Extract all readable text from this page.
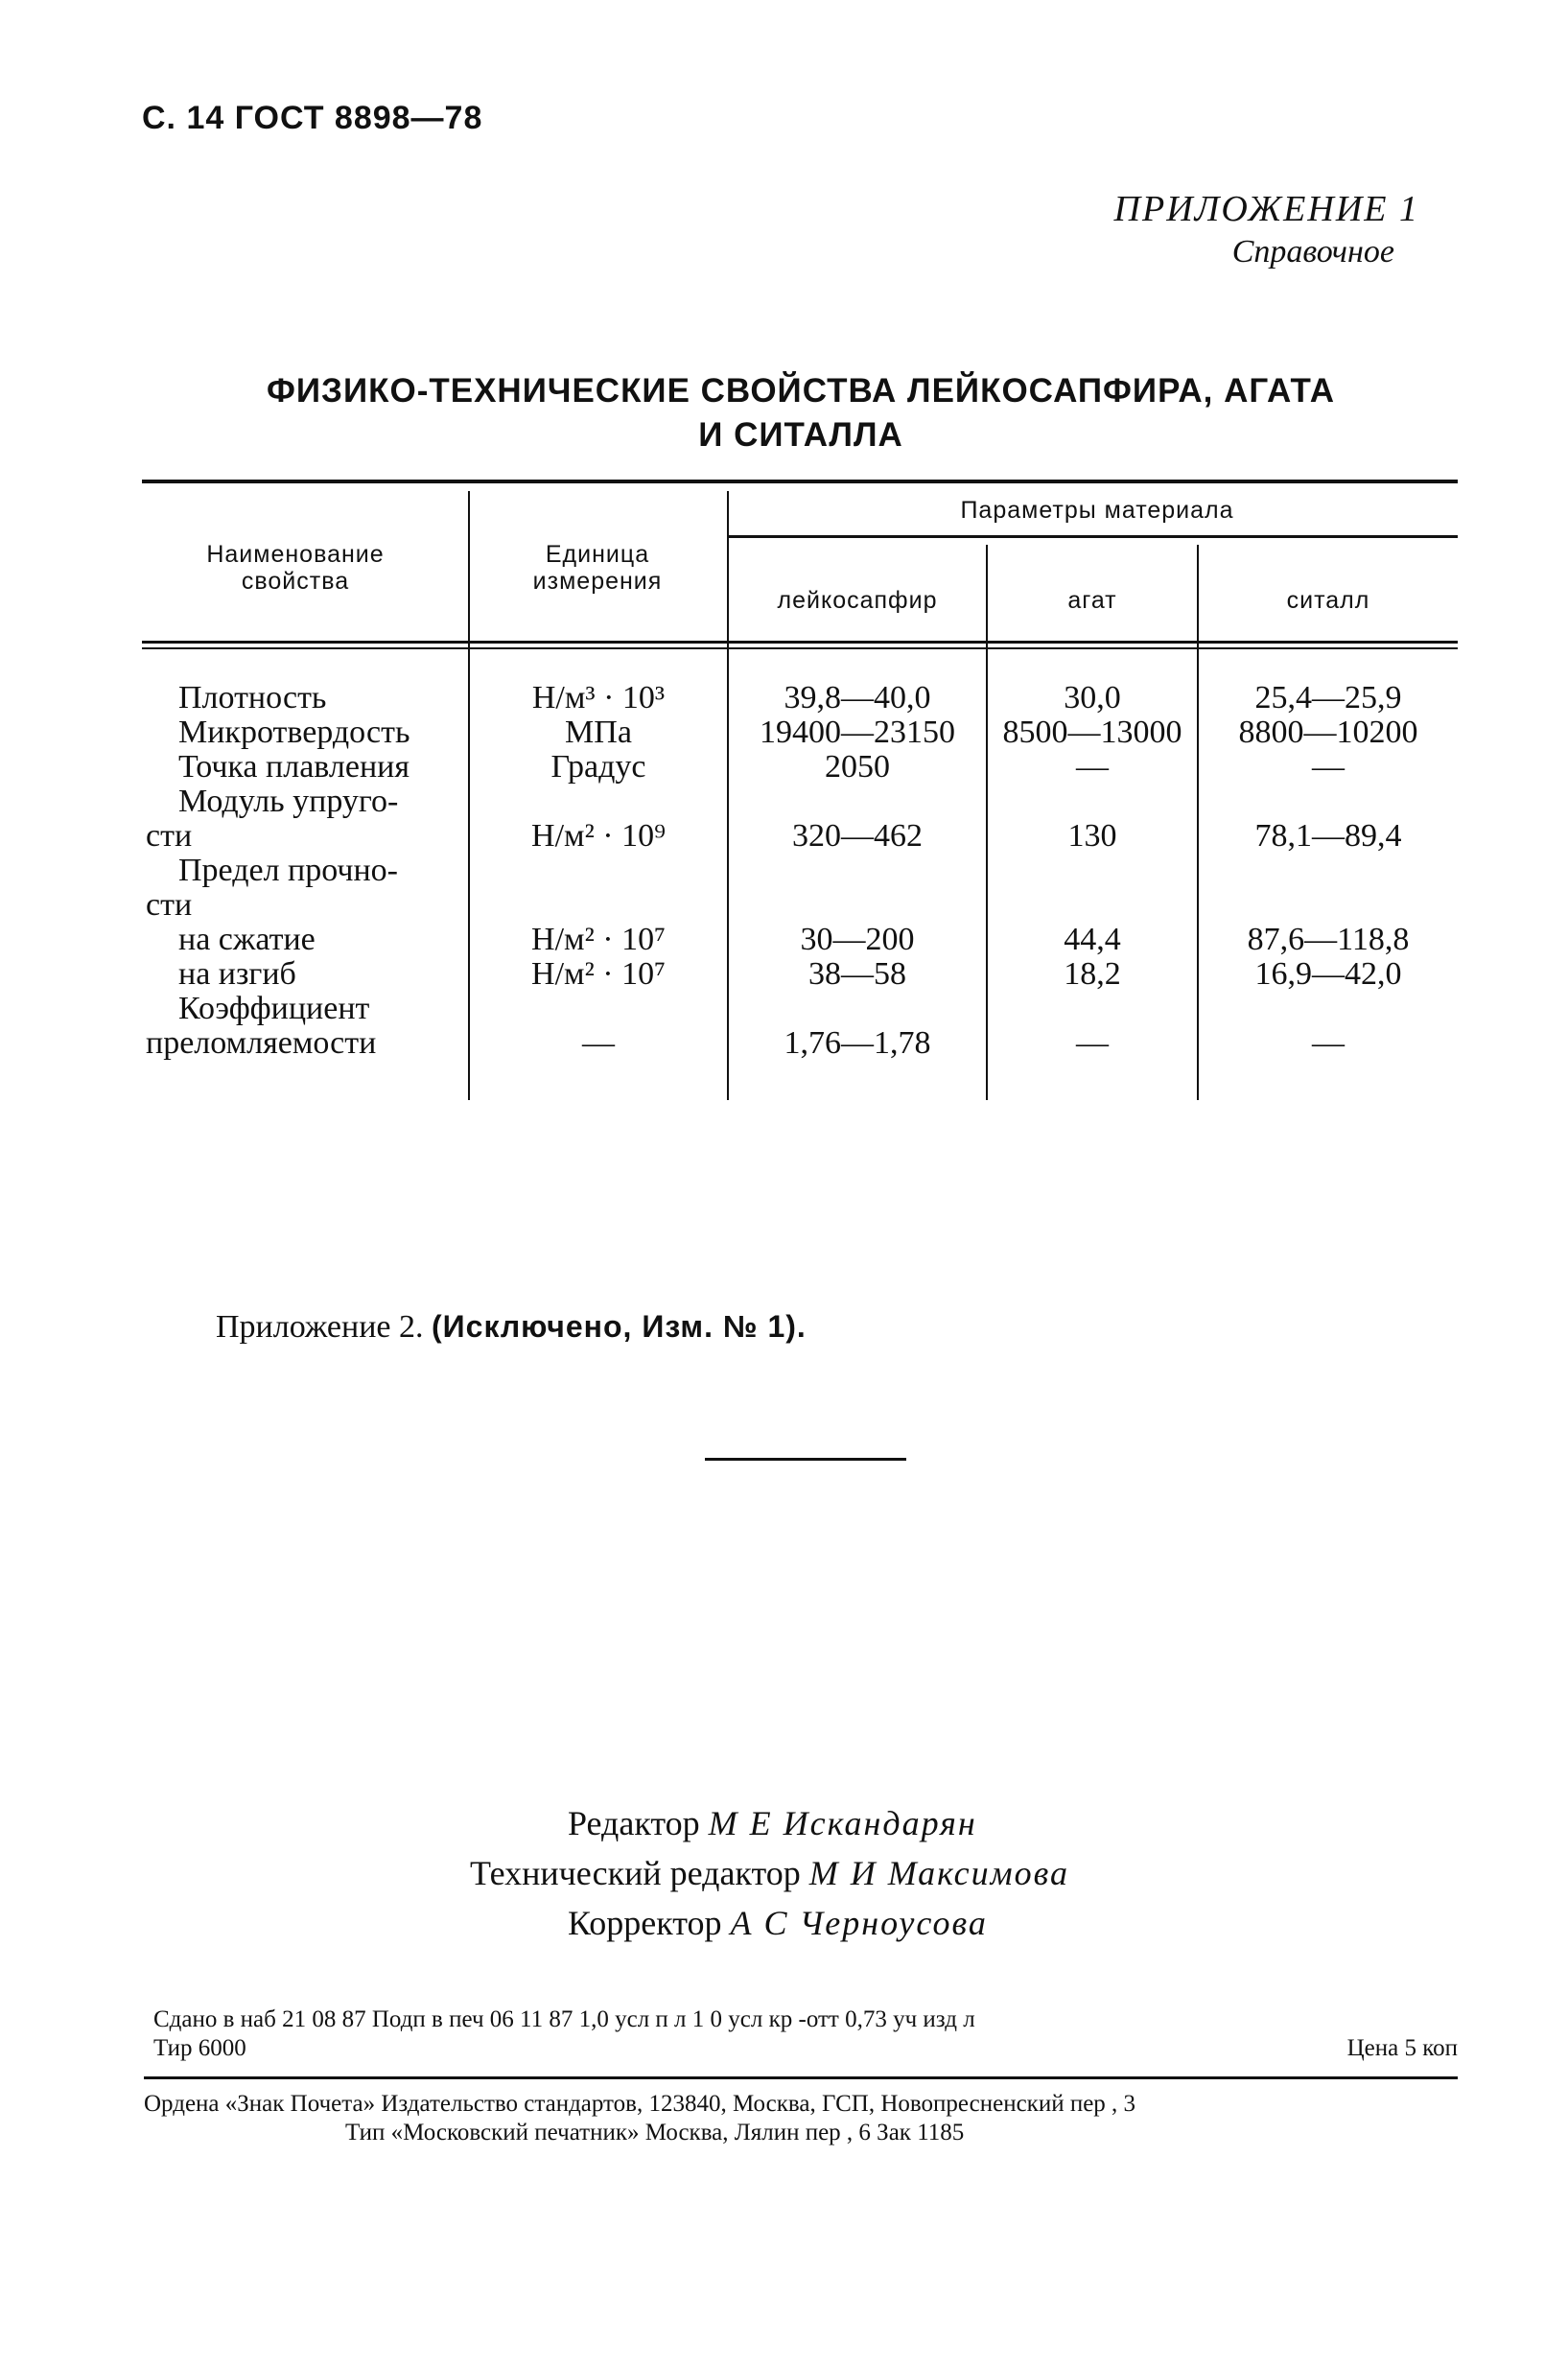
С. 14 ГОСТ 8898—78
ПРИЛОЖЕНИЕ 1
Справочное
ФИЗИКО-ТЕХНИЧЕСКИЕ СВОЙСТВА ЛЕЙКОСАПФИРА, АГАТА
И СИТАЛЛА
Наименование свойства
Единица измерения
Параметры материала
лейкосапфир	агат	ситалл
Плотность	Н/м³ · 10³	39,8—40,0	30,0	25,4—25,9
Микротвердость	МПа	19400—23150	8500—13000	8800—10200
Точка плавления	Градус	2050	—	—
Модуль упруго-
сти	Н/м² · 10⁹	320—462	130	78,1—89,4
Предел прочно-
сти
на сжатие	Н/м² · 10⁷	30—200	44,4	87,6—118,8
на изгиб	Н/м² · 10⁷	38—58	18,2	16,9—42,0
Коэффициент
преломляемости	—	1,76—1,78	—	—
Приложение 2. (Исключено, Изм. № 1).
Редактор М Е Искандарян
Технический редактор М И Максимова
Корректор А С Черноусова
Сдано в наб 21 08 87 Подп в печ 06 11 87 1,0 усл п л 1 0 усл кр -отт 0,73 уч изд л
Тир 6000	Цена 5 коп
Ордена «Знак Почета» Издательство стандартов, 123840, Москва, ГСП, Новопресненский пер , 3
Тип «Московский печатник» Москва, Лялин пер , 6 Зак 1185
